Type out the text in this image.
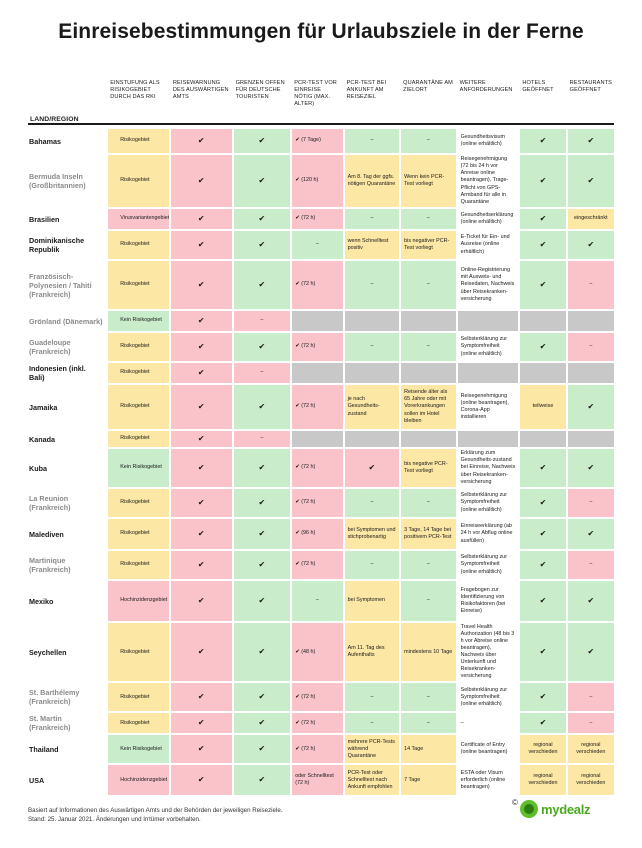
Einreisebestimmungen für Urlaubsziele in der Ferne
LAND/REGION	EINSTUFUNG ALS RISIKOGEBIET DURCH DAS RKI	REISEWARNUNG DES AUSWÄRTIGEN AMTS	GRENZEN OFFEN FÜR DEUTSCHE TOURISTEN	PCR-TEST VOR EINREISE NÖTIG (MAX. ALTER)	PCR-TEST BEI ANKUNFT AM REISEZIEL	QUARANTÄNE AM ZIELORT	WEITERE ANFORDERUNGEN	HOTELS GEÖFFNET	RESTAURANTS GEÖFFNET
Bahamas	Risikogebiet	✔	✔	✔ (7 Tage)	–	–	Gesundheitsvisum (online erhältlich)	✔	✔
Bermuda Inseln (Großbritannien)	Risikogebiet	✔	✔	✔ (120 h)	Am 8. Tag der ggfs. nötigen Quarantäne	Wenn kein PCR-Test vorliegt	Reisegenehmigung (72 bis 24 h vor Anreise online beantragen), Trage-Pflicht von GPS-Armband für alle in Quarantäne	✔	✔
Brasilien	Virusvariantengebiet	✔	✔	✔ (72 h)	–	–	Gesundheitserklärung (online erhältlich)	✔	eingeschränkt
Dominikanische Republik	Risikogebiet	✔	✔	–	wenn Schnelltest positiv	bis negativer PCR-Test vorliegt	E-Ticket für Ein- und Ausreise (online erhältlich)	✔	✔
Französisch-Polynesien / Tahiti (Frankreich)	Risikogebiet	✔	✔	✔ (72 h)	–	–	Online-Registrierung mit Ausweis- und Reisedaten, Nachweis über Reisekranken-versicherung	✔	–
Grönland (Dänemark)	Kein Risikogebiet	✔	–						
Guadeloupe (Frankreich)	Risikogebiet	✔	✔	✔ (72 h)	–	–	Selbsterklärung zur Symptomfreiheit (online erhältlich)	✔	–
Indonesien (inkl. Bali)	Risikogebiet	✔	–						
Jamaika	Risikogebiet	✔	✔	✔ (72 h)	je nach Gesundheits-zustand	Reisende älter als 65 Jahre oder mit Vorerkrankungen sollen im Hotel bleiben	Reisegenehmigung (online beantragen), Corona-App installieren	teilweise	✔
Kanada	Risikogebiet	✔	–						
Kuba	Kein Risikogebiet	✔	✔	✔ (72 h)	✔	bis negative PCR-Test vorliegt	Erklärung zum Gesundheits-zustand bei Einreise, Nachweis über Reisekranken-versicherung	✔	✔
La Reunion (Frankreich)	Risikogebiet	✔	✔	✔ (72 h)	–	–	Selbsterklärung zur Symptomfreiheit (online erhältlich)	✔	–
Malediven	Risikogebiet	✔	✔	✔ (96 h)	bei Symptomen und stichprobenartig	3 Tage, 14 Tage bei positivem PCR-Test	Einreiseerklärung (ab 24 h vor Abflug online ausfüllen)	✔	✔
Martinique (Frankreich)	Risikogebiet	✔	✔	✔ (72 h)	–	–	Selbsterklärung zur Symptomfreiheit (online erhältlich)	✔	–
Mexiko	Hochinzidenzgebiet	✔	✔	–	bei Symptomen	–	Fragebogen zur Identifizierung von Risikofaktoren (bei Einreise)	✔	✔
Seychellen	Risikogebiet	✔	✔	✔ (48 h)	Am 11. Tag des Aufenthalts	mindestens 10 Tage	Travel Health Authorization (48 bis 3 h vor Abreise online beantragen), Nachweis über Unterkunft und Reisekranken-versicherung	✔	✔
St. Barthélemy (Frankreich)	Risikogebiet	✔	✔	✔ (72 h)	–	–	Selbsterklärung zur Symptomfreiheit (online erhältlich)	✔	–
St. Martin (Frankreich)	Risikogebiet	✔	✔	✔ (72 h)	–	–	–	✔	–
Thailand	Kein Risikogebiet	✔	✔	✔ (72 h)	mehrere PCR-Tests während Quarantäne	14 Tage	Certificate of Entry (online beantragen)	regional verschieden	regional verschieden
USA	Hochinzidenzgebiet	✔	✔	oder Schnelltest (72 h)	PCR-Test oder Schnelltest nach Ankunft empfohlen	7 Tage	ESTA oder Visum erforderlich (online beantragen)	regional verschieden	regional verschieden
Basiert auf Informationen des Auswärtigen Amts und der Behörden der jeweiligen Reiseziele.
Stand: 25. Januar 2021. Änderungen und Irrtümer vorbehalten.
© mydealz
